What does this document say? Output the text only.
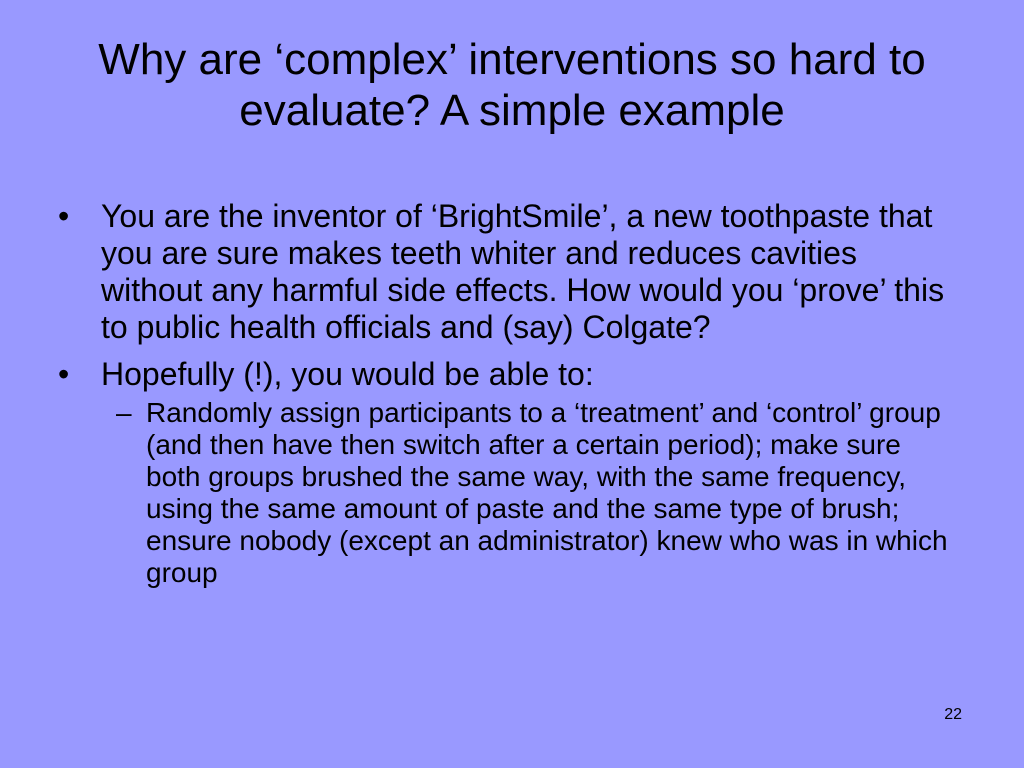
Why are ‘complex’ interventions so hard to evaluate? A simple example
• You are the inventor of ‘BrightSmile’, a new toothpaste that you are sure makes teeth whiter and reduces cavities without any harmful side effects. How would you ‘prove’ this to public health officials and (say) Colgate?
• Hopefully (!), you would be able to:
– Randomly assign participants to a ‘treatment’ and ‘control’ group (and then have then switch after a certain period); make sure both groups brushed the same way, with the same frequency, using the same amount of paste and the same type of brush; ensure nobody (except an administrator) knew who was in which group
22
